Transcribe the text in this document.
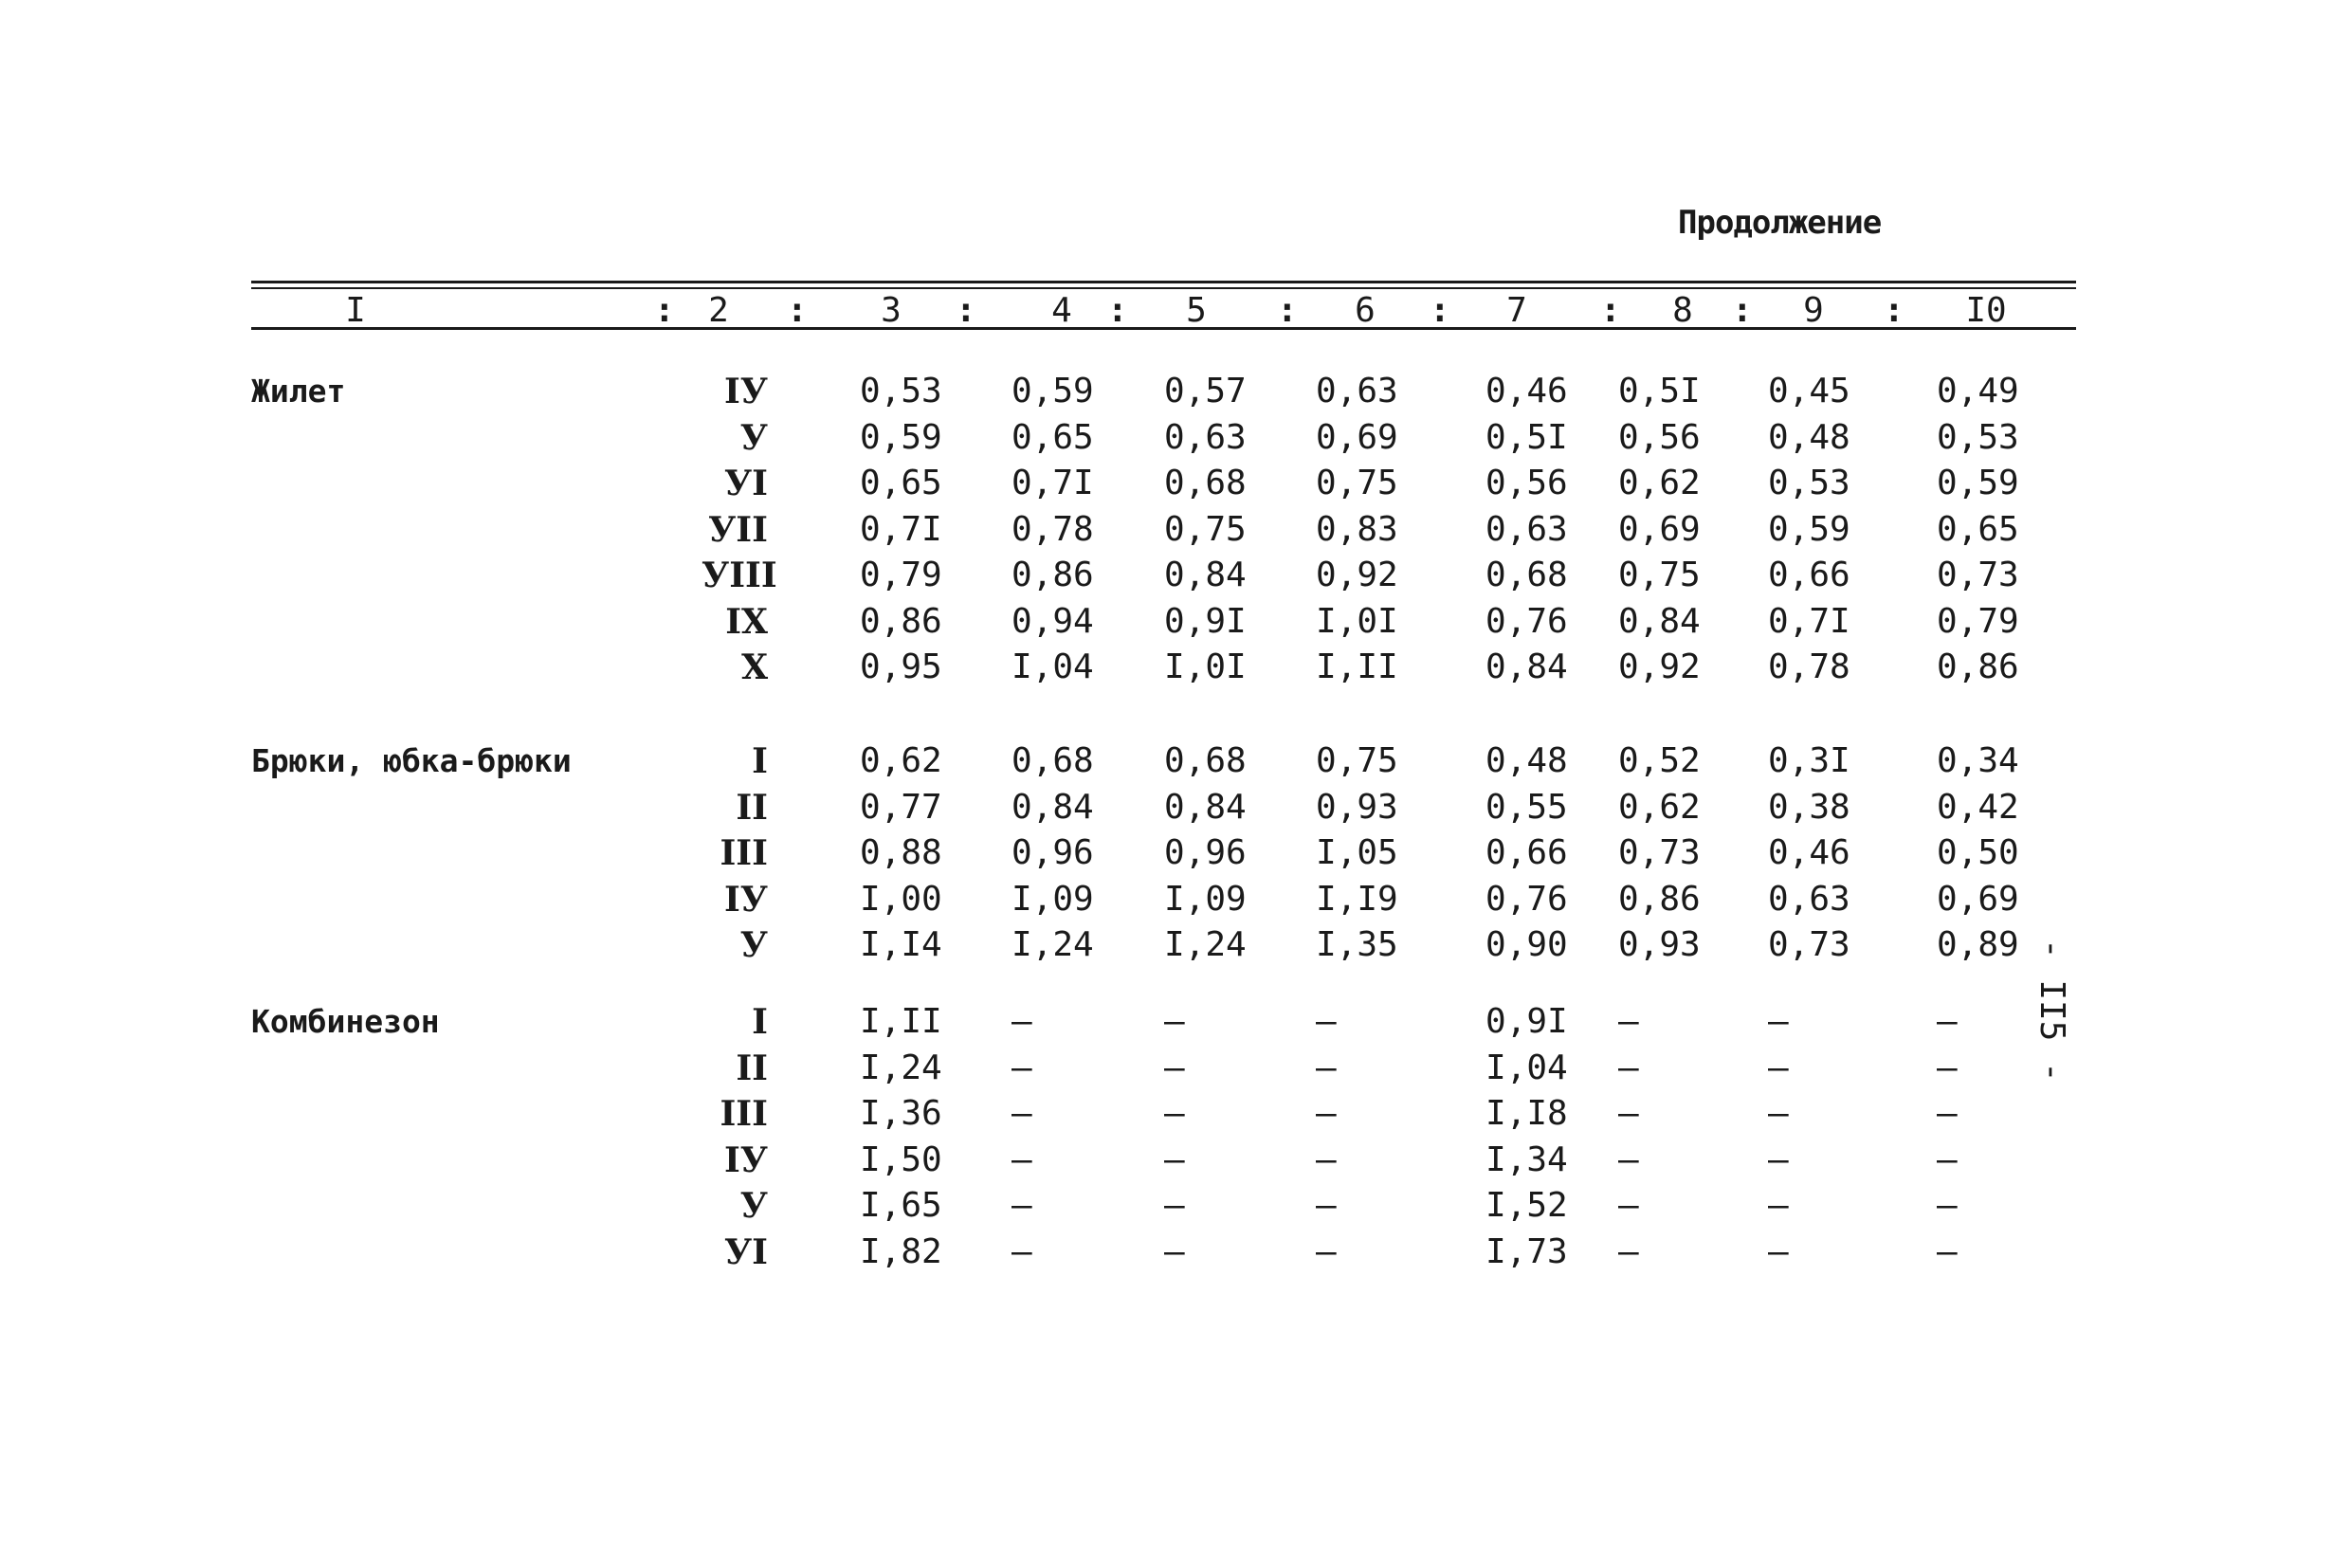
Продолжение
I	: 2	:	3	:	4	:	5	:	6	:	7	:	8	:	9	:	I0
Жилет	IУ	0,53 0,59 0,57 0,63	0,46 0,5I 0,45	0,49
У	0,59 0,65 0,63 0,69	0,5I 0,56 0,48	0,53
УI	0,65 0,7I 0,68 0,75	0,56 0,62 0,53	0,59
УII	0,7I 0,78 0,75 0,83	0,63 0,69 0,59	0,65
УIII 0,79 0,86 0,84 0,92	0,68 0,75 0,66	0,73
IX	0,86 0,94 0,9I I,0I	0,76 0,84 0,7I	0,79
X	0,95 I,04 I,0I I,II	0,84 0,92 0,78	0,86
Брюки, юбка-брюки	I	0,62 0,68 0,68 0,75	0,48 0,52 0,3I	0,34
II	0,77 0,84 0,84 0,93	0,55 0,62 0,38	0,42
III	0,88 0,96 0,96 I,05	0,66 0,73 0,46	0,50
IУ	I,00 I,09 I,09 I,I9	0,76 0,86 0,63	0,69
У	I,I4 I,24 I,24 I,35	0,90 0,93 0,73	0,89
Комбинезон	I	I,II –	–	–	0,9I –	–	–
II	I,24 –	–	–	I,04 –	–	–
III	I,36 –	–	–	I,I8 –	–	–
IУ	I,50 –	–	–	I,34 –	–	–
У	I,65 –	–	–	I,52 –	–	–
УI	I,82 –	–	–	I,73 –	–	–
- II5 -
